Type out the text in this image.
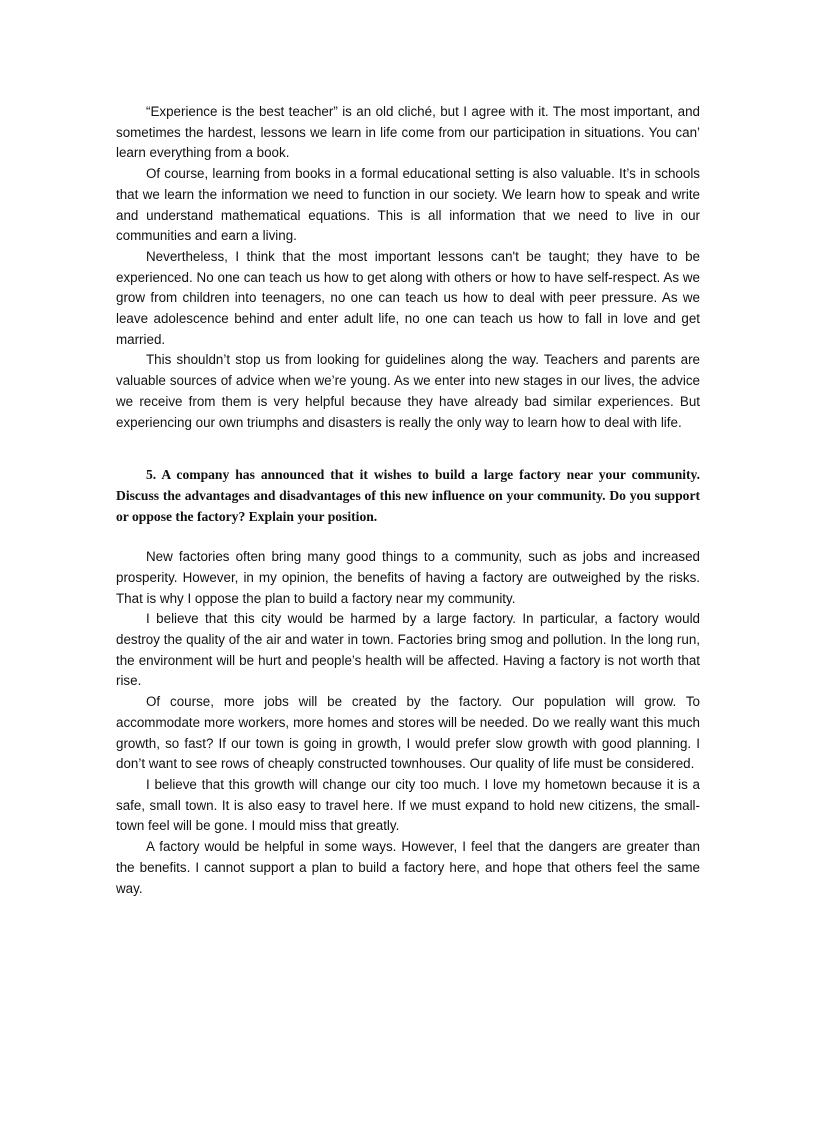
“Experience is the best teacher” is an old cliché, but I agree with it. The most important, and sometimes the hardest, lessons we learn in life come from our participation in situations. You can’ learn everything from a book.

Of course, learning from books in a formal educational setting is also valuable. It’s in schools that we learn the information we need to function in our society. We learn how to speak and write and understand mathematical equations. This is all information that we need to live in our communities and earn a living.

Nevertheless, I think that the most important lessons can't be taught; they have to be experienced. No one can teach us how to get along with others or how to have self-respect. As we grow from children into teenagers, no one can teach us how to deal with peer pressure. As we leave adolescence behind and enter adult life, no one can teach us how to fall in love and get married.

This shouldn’t stop us from looking for guidelines along the way. Teachers and parents are valuable sources of advice when we’re young. As we enter into new stages in our lives, the advice we receive from them is very helpful because they have already bad similar experiences. But experiencing our own triumphs and disasters is really the only way to learn how to deal with life.

5. A company has announced that it wishes to build a large factory near your community. Discuss the advantages and disadvantages of this new influence on your community. Do you support or oppose the factory? Explain your position.

New factories often bring many good things to a community, such as jobs and increased prosperity. However, in my opinion, the benefits of having a factory are outweighed by the risks. That is why I oppose the plan to build a factory near my community.

I believe that this city would be harmed by a large factory. In particular, a factory would destroy the quality of the air and water in town. Factories bring smog and pollution. In the long run, the environment will be hurt and people’s health will be affected. Having a factory is not worth that rise.

Of course, more jobs will be created by the factory. Our population will grow. To accommodate more workers, more homes and stores will be needed. Do we really want this much growth, so fast? If our town is going in growth, I would prefer slow growth with good planning. I don’t want to see rows of cheaply constructed townhouses. Our quality of life must be considered.

I believe that this growth will change our city too much. I love my hometown because it is a safe, small town. It is also easy to travel here. If we must expand to hold new citizens, the small-town feel will be gone. I mould miss that greatly.

A factory would be helpful in some ways. However, I feel that the dangers are greater than the benefits. I cannot support a plan to build a factory here, and hope that others feel the same way.
